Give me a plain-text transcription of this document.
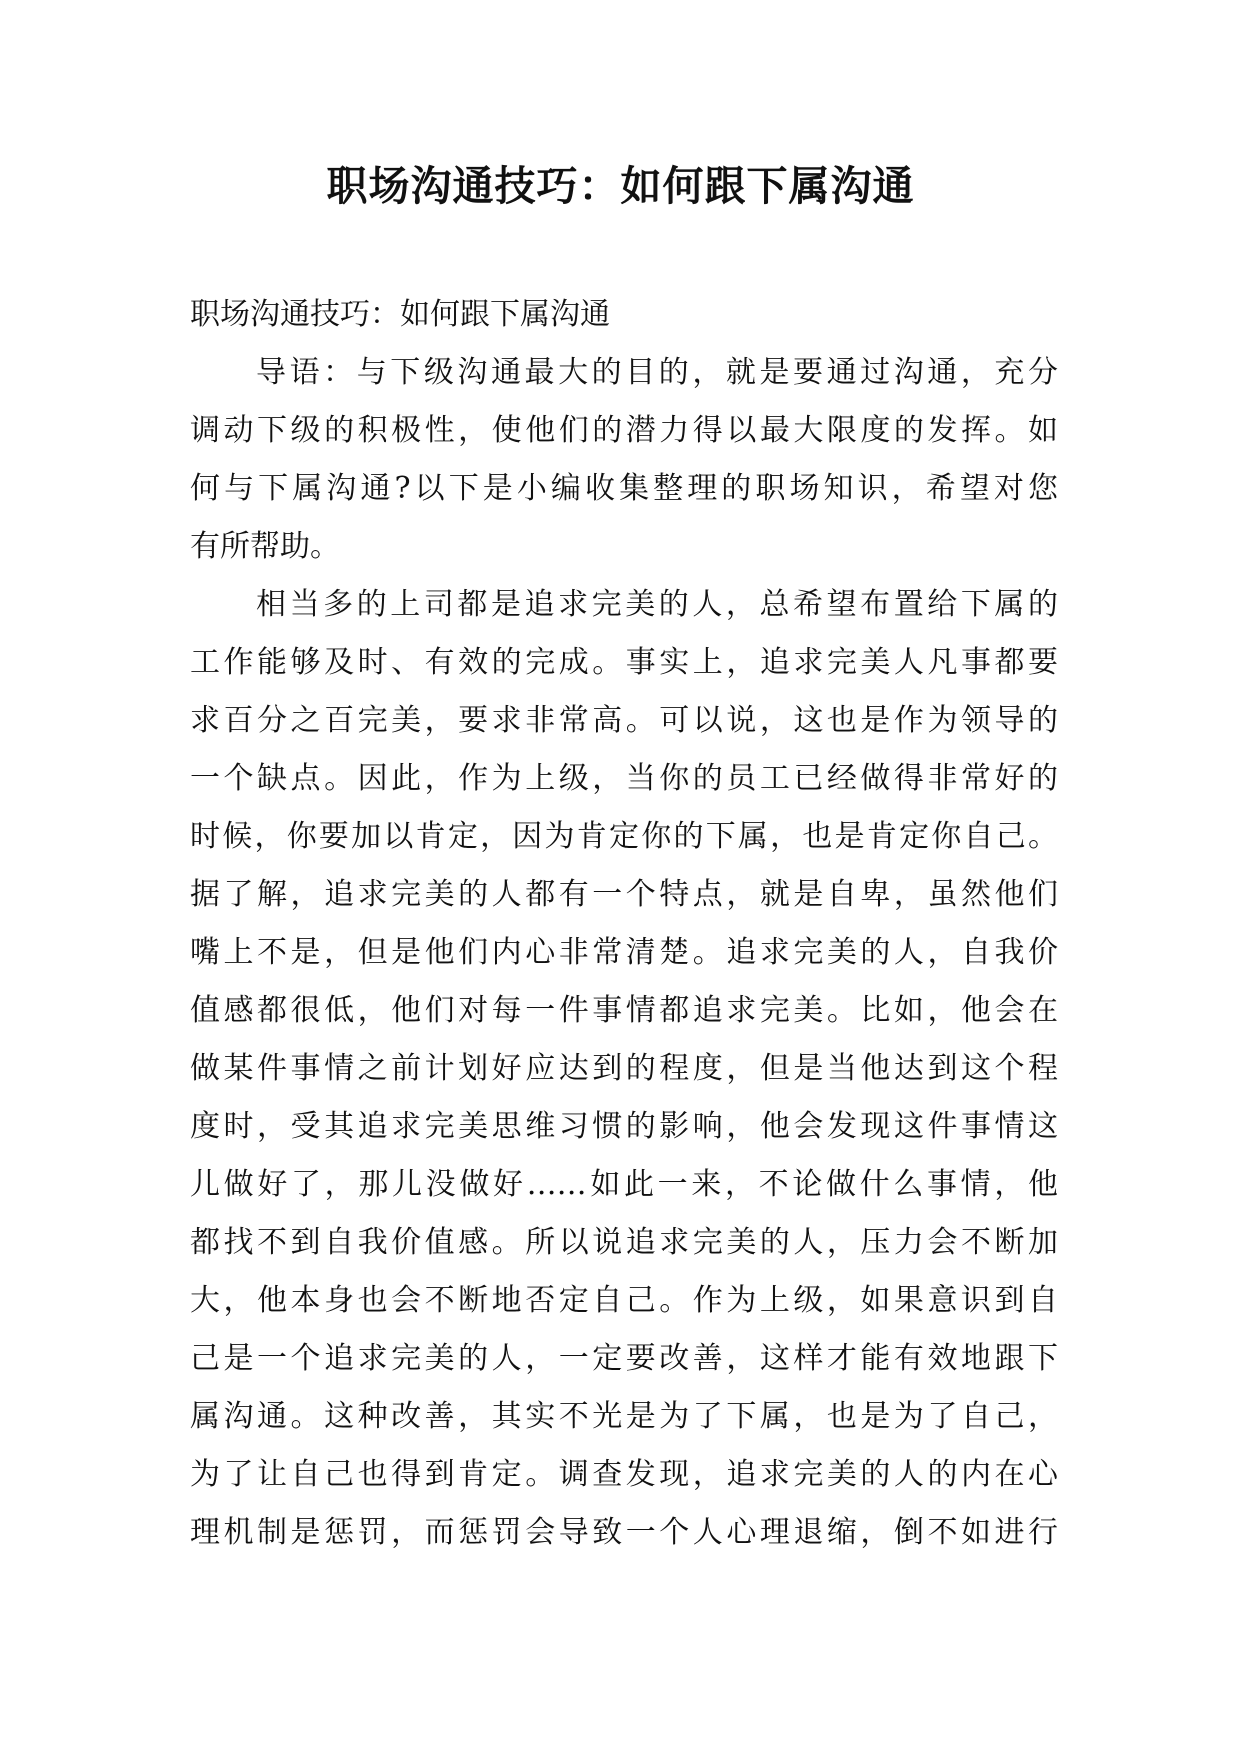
职场沟通技巧：如何跟下属沟通
职场沟通技巧：如何跟下属沟通
导语：与下级沟通最大的目的，就是要通过沟通，充分
调动下级的积极性，使他们的潜力得以最大限度的发挥。如
何与下属沟通?以下是小编收集整理的职场知识，希望对您
有所帮助。
相当多的上司都是追求完美的人，总希望布置给下属的
工作能够及时、有效的完成。事实上，追求完美人凡事都要
求百分之百完美，要求非常高。可以说，这也是作为领导的
一个缺点。因此，作为上级，当你的员工已经做得非常好的
时候，你要加以肯定，因为肯定你的下属，也是肯定你自己。
据了解，追求完美的人都有一个特点，就是自卑，虽然他们
嘴上不是，但是他们内心非常清楚。追求完美的人，自我价
值感都很低，他们对每一件事情都追求完美。比如，他会在
做某件事情之前计划好应达到的程度，但是当他达到这个程
度时，受其追求完美思维习惯的影响，他会发现这件事情这
儿做好了，那儿没做好……如此一来，不论做什么事情，他
都找不到自我价值感。所以说追求完美的人，压力会不断加
大，他本身也会不断地否定自己。作为上级，如果意识到自
己是一个追求完美的人，一定要改善，这样才能有效地跟下
属沟通。这种改善，其实不光是为了下属，也是为了自己，
为了让自己也得到肯定。调查发现，追求完美的人的内在心
理机制是惩罚，而惩罚会导致一个人心理退缩，倒不如进行
